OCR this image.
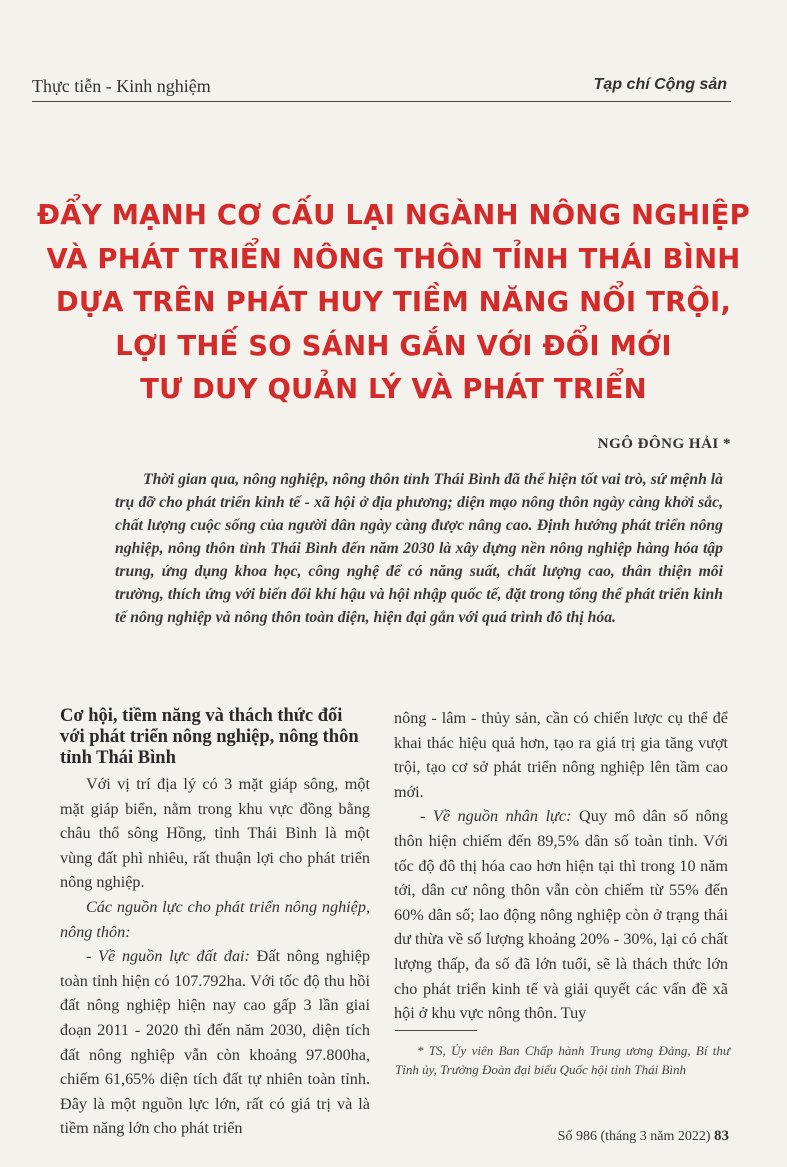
Thực tiễn - Kinh nghiệm	Tạp chí Cộng sản
ĐẨY MẠNH CƠ CẤU LẠI NGÀNH NÔNG NGHIỆP
VÀ PHÁT TRIỂN NÔNG THÔN TỈNH THÁI BÌNH
DỰA TRÊN PHÁT HUY TIỀM NĂNG NỔI TRỘI,
LỢI THẾ SO SÁNH GẮN VỚI ĐỔI MỚI
TƯ DUY QUẢN LÝ VÀ PHÁT TRIỂN
NGÔ ĐÔNG HẢI *
Thời gian qua, nông nghiệp, nông thôn tỉnh Thái Bình đã thể hiện tốt vai trò, sứ mệnh là trụ đỡ cho phát triển kinh tế - xã hội ở địa phương; diện mạo nông thôn ngày càng khởi sắc, chất lượng cuộc sống của người dân ngày càng được nâng cao. Định hướng phát triển nông nghiệp, nông thôn tỉnh Thái Bình đến năm 2030 là xây dựng nền nông nghiệp hàng hóa tập trung, ứng dụng khoa học, công nghệ để có năng suất, chất lượng cao, thân thiện môi trường, thích ứng với biến đổi khí hậu và hội nhập quốc tế, đặt trong tổng thể phát triển kinh tế nông nghiệp và nông thôn toàn diện, hiện đại gắn với quá trình đô thị hóa.
Cơ hội, tiềm năng và thách thức đối với phát triển nông nghiệp, nông thôn tỉnh Thái Bình

Với vị trí địa lý có 3 mặt giáp sông, một mặt giáp biển, nằm trong khu vực đồng bằng châu thổ sông Hồng, tỉnh Thái Bình là một vùng đất phì nhiêu, rất thuận lợi cho phát triển nông nghiệp.

Các nguồn lực cho phát triển nông nghiệp, nông thôn:

- Về nguồn lực đất đai: Đất nông nghiệp toàn tỉnh hiện có 107.792ha. Với tốc độ thu hồi đất nông nghiệp hiện nay cao gấp 3 lần giai đoạn 2011 - 2020 thì đến năm 2030, diện tích đất nông nghiệp vẫn còn khoảng 97.800ha, chiếm 61,65% diện tích đất tự nhiên toàn tỉnh. Đây là một nguồn lực lớn, rất có giá trị và là tiềm năng lớn cho phát triển

nông - lâm - thủy sản, cần có chiến lược cụ thể để khai thác hiệu quả hơn, tạo ra giá trị gia tăng vượt trội, tạo cơ sở phát triển nông nghiệp lên tầm cao mới.

- Về nguồn nhân lực: Quy mô dân số nông thôn hiện chiếm đến 89,5% dân số toàn tỉnh. Với tốc độ đô thị hóa cao hơn hiện tại thì trong 10 năm tới, dân cư nông thôn vẫn còn chiếm từ 55% đến 60% dân số; lao động nông nghiệp còn ở trạng thái dư thừa về số lượng khoảng 20% - 30%, lại có chất lượng thấp, đa số đã lớn tuổi, sẽ là thách thức lớn cho phát triển kinh tế và giải quyết các vấn đề xã hội ở khu vực nông thôn. Tuy

* TS, Ủy viên Ban Chấp hành Trung ương Đảng, Bí thư Tỉnh ủy, Trưởng Đoàn đại biểu Quốc hội tỉnh Thái Bình
Số 986 (tháng 3 năm 2022) 83
